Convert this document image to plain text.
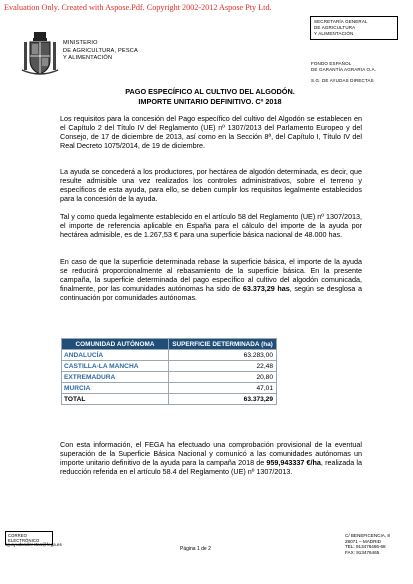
Evaluation Only. Created with Aspose.Pdf. Copyright 2002-2012 Aspose Pty Ltd.
MINISTERIO
DE AGRICULTURA, PESCA
Y ALIMENTACIÓN
SECRETARÍA GENERAL
DE AGRICULTURA
Y ALIMENTACIÓN
FONDO ESPAÑOL
DE GARANTÍA AGRARIA O.A.
S.G. DE AYUDAS DIRECTAS
PAGO ESPECÍFICO AL CULTIVO DEL ALGODÓN.
IMPORTE UNITARIO DEFINITIVO. Cº 2018
Los requisitos para la concesión del Pago específico del cultivo del Algodón se establecen en el Capítulo 2 del Título IV del Reglamento (UE) nº 1307/2013 del Parlamento Europeo y del Consejo, de 17 de diciembre de 2013, así como en la Sección 8ª, del Capítulo I, Título IV del Real Decreto 1075/2014, de 19 de diciembre.
La ayuda se concederá a los productores, por hectárea de algodón determinada, es decir, que resulte admisible una vez realizados los controles administrativos, sobre el terreno y específicos de esta ayuda, para ello, se deben cumplir los requisitos legalmente establecidos para la concesión de la ayuda.
Tal y como queda legalmente establecido en el artículo 58 del Reglamento (UE) nº 1307/2013, el importe de referencia aplicable en España para el cálculo del importe de la ayuda por hectárea admisible, es de 1.267,53 € para una superficie básica nacional de 48.000 has.
En caso de que la superficie determinada rebase la superficie básica, el importe de la ayuda se reducirá proporcionalmente al rebasamiento de la superficie básica. En la presente campaña, la superficie determinada del pago específico al cultivo del algodón comunicada, finalmente, por las comunidades autónomas ha sido de 63.373,29 has, según se desglosa a continuación por comunidades autónomas.
COMUNIDAD AUTÓNOMA	SUPERFICIE DETERMINADA (ha)
ANDALUCÍA	63.283,00
CASTILLA-LA MANCHA	22,48
EXTREMADURA	20,80
MURCIA	47,01
TOTAL	63.373,29
Con esta información, el FEGA ha efectuado una comprobación provisional de la eventual superación de la Superficie Básica Nacional y comunicó a las comunidades autónomas un importe unitario definitivo de la ayuda para la campaña 2018 de 959,943337 €/ha, realizada la reducción referida en el artículo 58.4 del Reglamento (UE) nº 1307/2013.
CORREO ELECTRÓNICO
sg.ayudasdirectas@fega.es
Página 1 de 2
C/ BENEFICENCIA, 8
28071 – MADRID
TEL: 913476466-68
FAX: 913476465
